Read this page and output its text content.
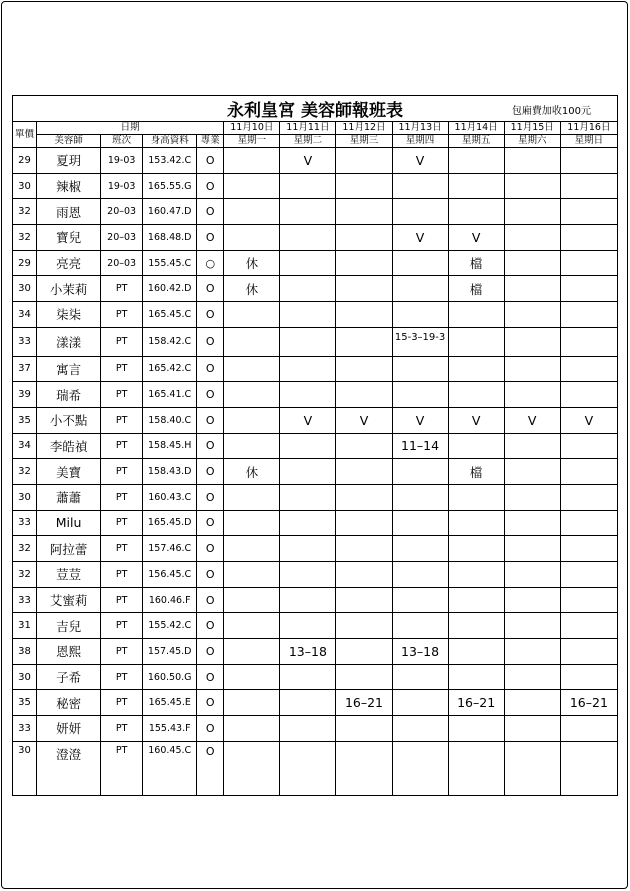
永利皇宮 美容師報班表 包廂費加收100元											

單價	日期				11月10日	11月11日	11月12日	11月13日	11月14日	11月15日	11月16日
	美容師	班次	身高資料	專業	星期一	星期二	星期三	星期四	星期五	星期六	星期日
29	夏玥	19-03	153.42.C	O		V		V			
30	辣椒	19-03	165.55.G	O							
32	雨恩	20–03	160.47.D	O							
32	寶兒	20–03	168.48.D	O				V	V		
29	亮亮	20–03	155.45.C	○	休				檔		
30	小茉莉	PT	160.42.D	O	休				檔		
34	柒柒	PT	165.45.C	O							
33	漾漾	PT	158.42.C	O				15-3–19-3			
37	寓言	PT	165.42.C	O							
39	瑞希	PT	165.41.C	O							
35	小不點	PT	158.40.C	O		V	V	V	V	V	V
34	李皓禎	PT	158.45.H	O				11–14			
32	美寶	PT	158.43.D	O	休				檔		
30	蕭蕭	PT	160.43.C	O							
33	Milu	PT	165.45.D	O							
32	阿拉蕾	PT	157.46.C	O							
32	荳荳	PT	156.45.C	O							
33	艾蜜莉	PT	160.46.F	O							
31	吉兒	PT	155.42.C	O							
38	恩熙	PT	157.45.D	O		13–18		13–18			
30	子希	PT	160.50.G	O							
35	秘密	PT	165.45.E	O			16–21		16–21		16–21
33	妍妍	PT	155.43.F	O							
30	澄澄	PT	160.45.C	O							
